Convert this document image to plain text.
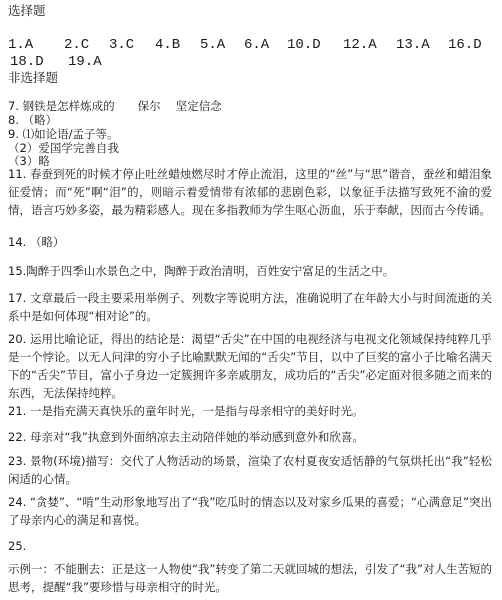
选择题
1.A 2.C 3.C 4.B 5.A 6.A 10.D 12.A 13.A 16.D
18.D 19.A
非选择题
7. 钢铁是怎样炼成的　　保尔　 坚定信念
8. （略）
9. ⑴如论语/孟子等。
（2）爱国学完善自我
（3）略
11. 春蚕到死的时候才停止吐丝蜡烛燃尽时才停止流泪，这里的“丝”与“思”谐音，蚕丝和蜡泪象征爱情；而“死”啊“泪”的，则暗示着爱情带有浓郁的悲剧色彩，以象征手法描写致死不渝的爱情，语言巧妙多姿，最为精彩感人。现在多指教师为学生呕心沥血，乐于奉献，因而古今传诵。
14. （略）
15.陶醉于四季山水景色之中，陶醉于政治清明，百姓安宁富足的生活之中。
17. 文章最后一段主要采用举例子、列数字等说明方法，准确说明了在年龄大小与时间流逝的关系中是如何体现“相对论”的。
20. 运用比喻论证，得出的结论是：渴望“舌尖”在中国的电视经济与电视文化领域保持纯粹几乎是一个悖论。以无人问津的穷小子比喻默默无闻的“舌尖”节目，以中了巨奖的富小子比喻名满天下的“舌尖”节目，富小子身边一定簇拥许多亲戚朋友，成功后的“舌尖”必定面对很多随之而来的东西，无法保持纯粹。
21. 一是指充满天真快乐的童年时光，一是指与母亲相守的美好时光。
22. 母亲对“我”执意到外面纳凉去主动陪伴她的举动感到意外和欣喜。
23. 景物(环境)描写：交代了人物活动的场景，渲染了农村夏夜安适恬静的气氛烘托出“我”轻松闲适的心情。
24. “贪婪”、“啃”生动形象地写出了“我”吃瓜时的情态以及对家乡瓜果的喜爱；“心满意足”突出了母亲内心的满足和喜悦。
25.
示例一：不能删去：正是这一人物使“我”转变了第二天就回城的想法，引发了“我”对人生苦短的思考，提醒“我”要珍惜与母亲相守的时光。
